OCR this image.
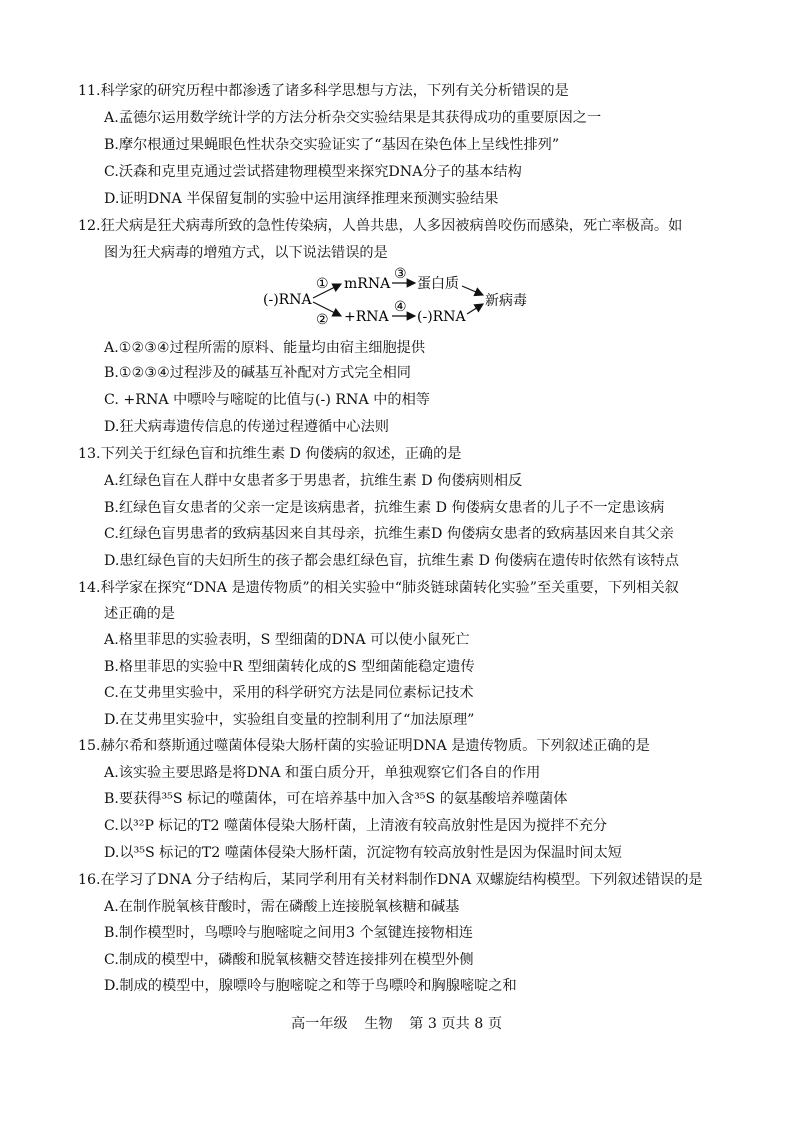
11.科学家的研究历程中都渗透了诸多科学思想与方法，下列有关分析错误的是
A.孟德尔运用数学统计学的方法分析杂交实验结果是其获得成功的重要原因之一
B.摩尔根通过果蝇眼色性状杂交实验证实了“基因在染色体上呈线性排列”
C.沃森和克里克通过尝试搭建物理模型来探究DNA分子的基本结构
D.证明DNA 半保留复制的实验中运用演绎推理来预测实验结果
12.狂犬病是狂犬病毒所致的急性传染病，人兽共患，人多因被病兽咬伤而感染，死亡率极高。如
图为狂犬病毒的增殖方式，以下说法错误的是
(-)RNA
①
②
mRNA
+RNA
③
④
蛋白质
(-)RNA
新病毒
A.①②③④过程所需的原料、能量均由宿主细胞提供
B.①②③④过程涉及的碱基互补配对方式完全相同
C. +RNA 中嘌呤与嘧啶的比值与(-) RNA 中的相等
D.狂犬病毒遗传信息的传递过程遵循中心法则
13.下列关于红绿色盲和抗维生素 D 佝偻病的叙述，正确的是
A.红绿色盲在人群中女患者多于男患者，抗维生素 D 佝偻病则相反
B.红绿色盲女患者的父亲一定是该病患者，抗维生素 D 佝偻病女患者的儿子不一定患该病
C.红绿色盲男患者的致病基因来自其母亲，抗维生素D 佝偻病女患者的致病基因来自其父亲
D.患红绿色盲的夫妇所生的孩子都会患红绿色盲，抗维生素 D 佝偻病在遗传时依然有该特点
14.科学家在探究“DNA 是遗传物质”的相关实验中“肺炎链球菌转化实验”至关重要，下列相关叙
述正确的是
A.格里菲思的实验表明，S 型细菌的DNA 可以使小鼠死亡
B.格里菲思的实验中R 型细菌转化成的S 型细菌能稳定遗传
C.在艾弗里实验中，采用的科学研究方法是同位素标记技术
D.在艾弗里实验中，实验组自变量的控制利用了“加法原理”
15.赫尔希和蔡斯通过噬菌体侵染大肠杆菌的实验证明DNA 是遗传物质。下列叙述正确的是
A.该实验主要思路是将DNA 和蛋白质分开，单独观察它们各自的作用
B.要获得³⁵S 标记的噬菌体，可在培养基中加入含³⁵S 的氨基酸培养噬菌体
C.以³²P 标记的T2 噬菌体侵染大肠杆菌，上清液有较高放射性是因为搅拌不充分
D.以³⁵S 标记的T2 噬菌体侵染大肠杆菌，沉淀物有较高放射性是因为保温时间太短
16.在学习了DNA 分子结构后，某同学利用有关材料制作DNA 双螺旋结构模型。下列叙述错误的是
A.在制作脱氧核苷酸时，需在磷酸上连接脱氧核糖和碱基
B.制作模型时，鸟嘌呤与胞嘧啶之间用3 个氢键连接物相连
C.制成的模型中，磷酸和脱氧核糖交替连接排列在模型外侧
D.制成的模型中，腺嘌呤与胞嘧啶之和等于鸟嘌呤和胸腺嘧啶之和
高一年级 生物 第 3 页共 8 页
